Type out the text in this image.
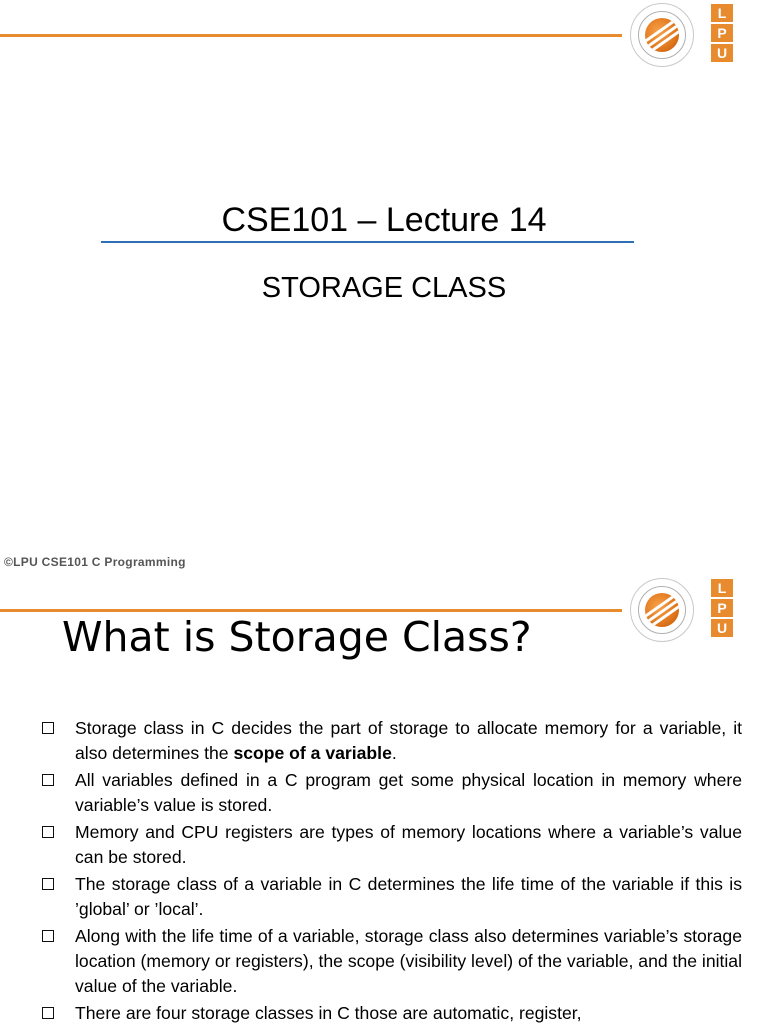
L
P
U
CSE101 – Lecture 14
STORAGE CLASS
©LPU CSE101 C Programming
L
P
U
What is Storage Class?
Storage class in C decides the part of storage to allocate memory for a variable, it also determines the scope of a variable.
All variables defined in a C program get some physical location in memory where variable’s value is stored.
Memory and CPU registers are types of memory locations where a variable’s value can be stored.
The storage class of a variable in C determines the life time of the variable if this is ’global’ or ’local’.
Along with the life time of a variable, storage class also determines variable’s storage location (memory or registers), the scope (visibility level) of the variable, and the initial value of the variable.
There are four storage classes in C those are automatic, register,
